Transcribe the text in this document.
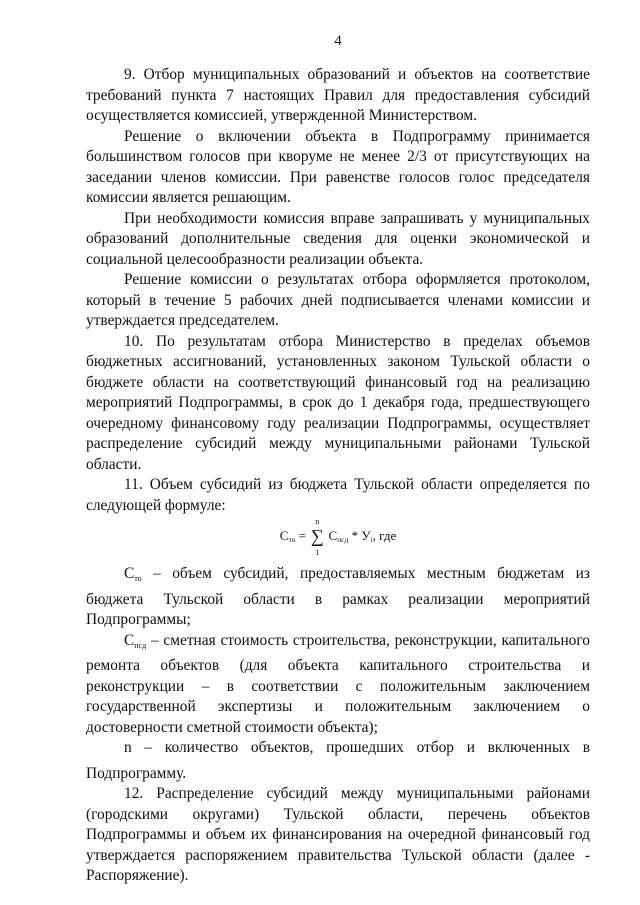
4

9. Отбор муниципальных образований и объектов на соответствие требований пункта 7 настоящих Правил для предоставления субсидий осуществляется комиссией, утвержденной Министерством.

Решение о включении объекта в Подпрограмму принимается большинством голосов при кворуме не менее 2/3 от присутствующих на заседании членов комиссии. При равенстве голосов голос председателя комиссии является решающим.

При необходимости комиссия вправе запрашивать у муниципальных образований дополнительные сведения для оценки экономической и социальной целесообразности реализации объекта.

Решение комиссии о результатах отбора оформляется протоколом, который в течение 5 рабочих дней подписывается членами комиссии и утверждается председателем.

10. По результатам отбора Министерство в пределах объемов бюджетных ассигнований, установленных законом Тульской области о бюджете области на соответствующий финансовый год на реализацию мероприятий Подпрограммы, в срок до 1 декабря года, предшествующего очередному финансовому году реализации Подпрограммы, осуществляет распределение субсидий между муниципальными районами Тульской области.

11. Объем субсидий из бюджета Тульской области определяется по следующей формуле:

Сто =
n
∑
1
Спсд * Уi, где

Сто – объем субсидий, предоставляемых местным бюджетам из бюджета Тульской области в рамках реализации мероприятий Подпрограммы;

Спсд – сметная стоимость строительства, реконструкции, капитального ремонта объектов (для объекта капитального строительства и реконструкции – в соответствии с положительным заключением государственной экспертизы и положительным заключением о достоверности сметной стоимости объекта);

n – количество объектов, прошедших отбор и включенных в Подпрограмму.

12. Распределение субсидий между муниципальными районами (городскими округами) Тульской области, перечень объектов Подпрограммы и объем их финансирования на очередной финансовый год утверждается распоряжением правительства Тульской области (далее - Распоряжение).
